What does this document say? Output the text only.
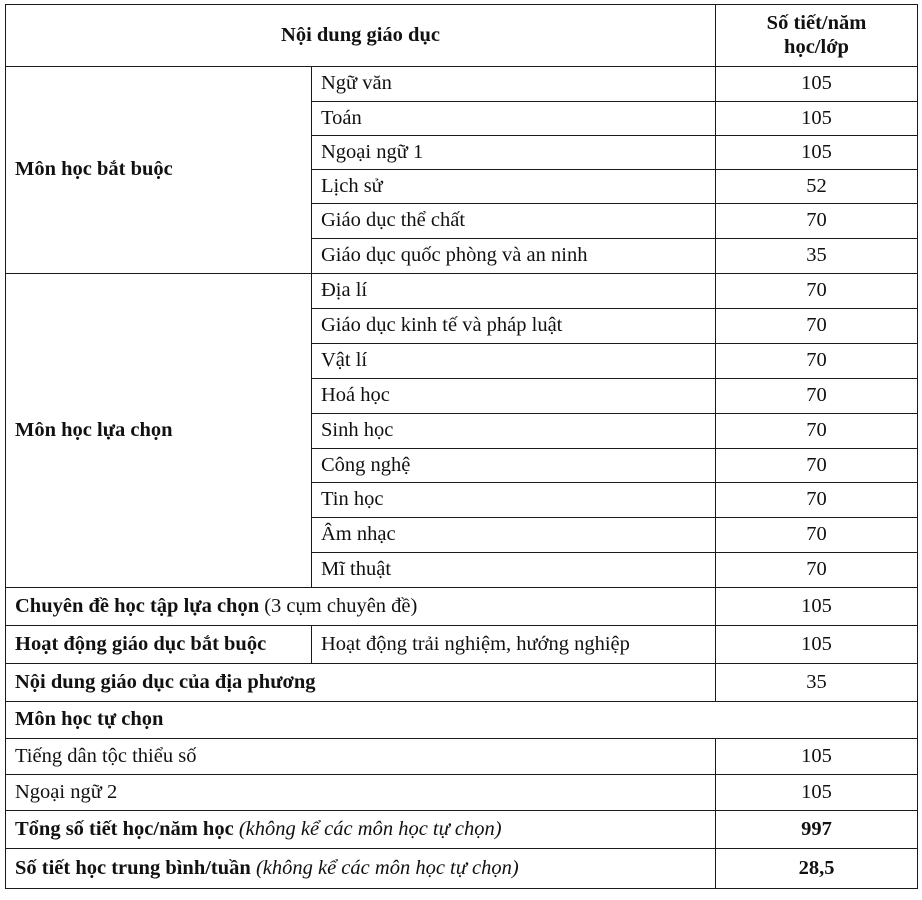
Nội dung giáo dục		Số tiết/năm
học/lớp
Môn học bắt buộc	Ngữ văn	105
	Toán	105
	Ngoại ngữ 1	105
	Lịch sử	52
	Giáo dục thể chất	70
	Giáo dục quốc phòng và an ninh	35
Môn học lựa chọn	Địa lí	70
	Giáo dục kinh tế và pháp luật	70
	Vật lí	70
	Hoá học	70
	Sinh học	70
	Công nghệ	70
	Tin học	70
	Âm nhạc	70
	Mĩ thuật	70
Chuyên đề học tập lựa chọn (3 cụm chuyên đề)		105
Hoạt động giáo dục bắt buộc	Hoạt động trải nghiệm, hướng nghiệp	105
Nội dung giáo dục của địa phương		35
Môn học tự chọn		
Tiếng dân tộc thiểu số		105
Ngoại ngữ 2		105
Tổng số tiết học/năm học (không kể các môn học tự chọn)		997
Số tiết học trung bình/tuần (không kể các môn học tự chọn)		28,5
